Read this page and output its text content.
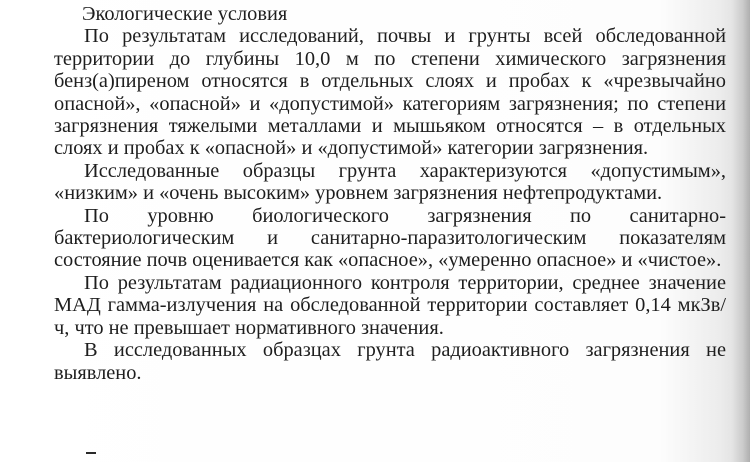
Экологические условия

По результатам исследований, почвы и грунты всей обследованной территории до глубины 10,0 м по степени химического загрязнения бенз(а)пиреном относятся в отдельных слоях и пробах к «чрезвычайно опасной», «опасной» и «допустимой» категориям загрязнения; по степени загрязнения тяжелыми металлами и мышьяком относятся – в отдельных слоях и пробах к «опасной» и «допустимой» категории загрязнения.

Исследованные образцы грунта характеризуются «допустимым», «низким» и «очень высоким» уровнем загрязнения нефтепродуктами.

По уровню биологического загрязнения по санитарно-бактериологическим и санитарно-паразитологическим показателям состояние почв оценивается как «опасное», «умеренно опасное» и «чистое».

По результатам радиационного контроля территории, среднее значение МАД гамма-излучения на обследованной территории составляет 0,14 мкЗв/ч, что не превышает нормативного значения.

В исследованных образцах грунта радиоактивного загрязнения не выявлено.
